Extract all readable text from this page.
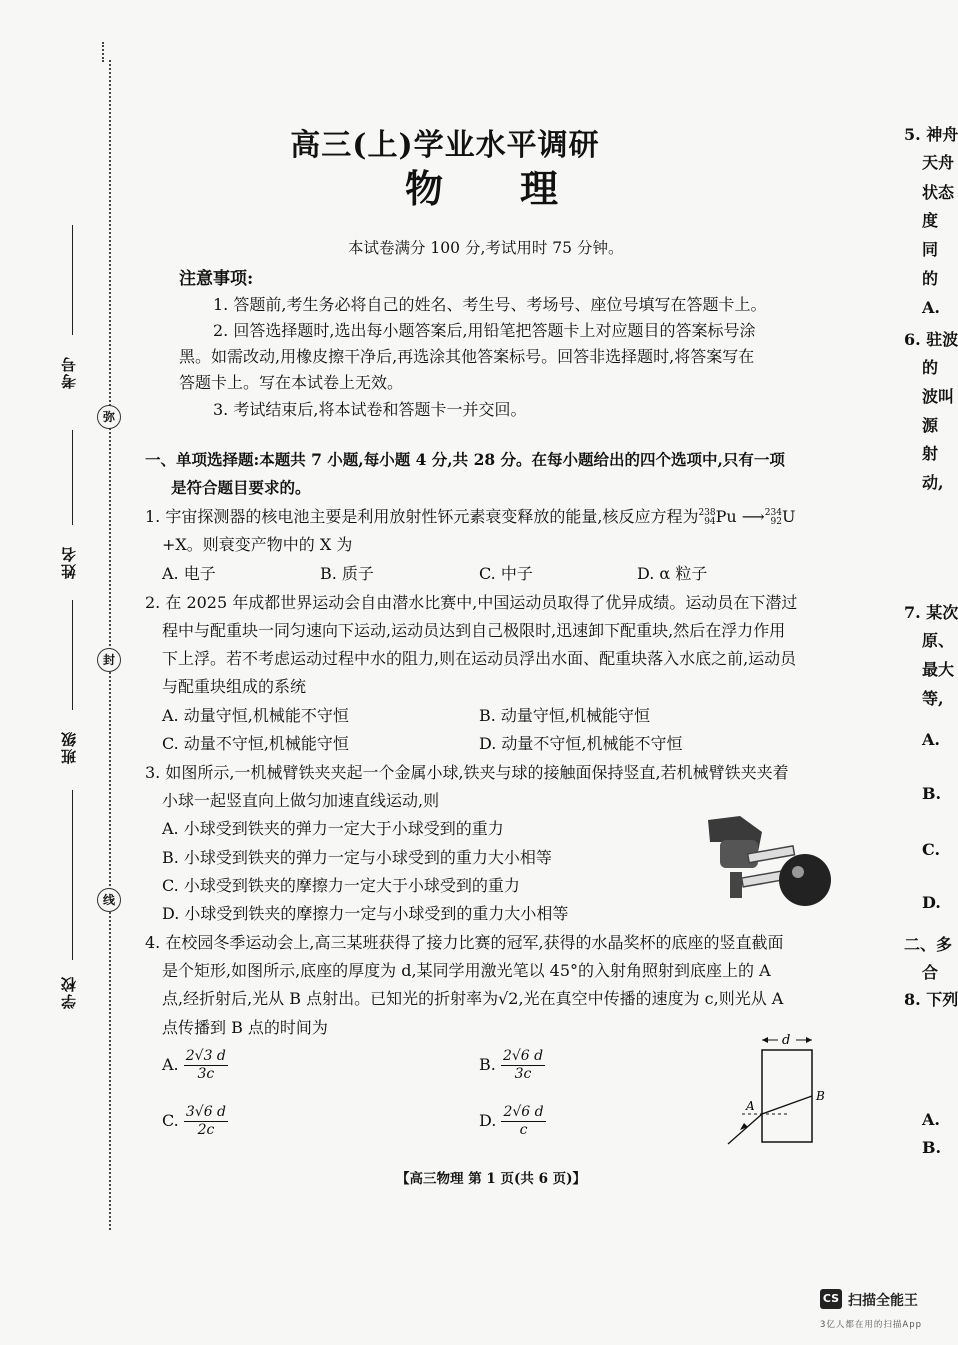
考号
姓名
班级
学校
弥
封
线
高三(上)学业水平调研
物 理
本试卷满分 100 分,考试用时 75 分钟。
注意事项:
1. 答题前,考生务必将自己的姓名、考生号、考场号、座位号填写在答题卡上。
2. 回答选择题时,选出每小题答案后,用铅笔把答题卡上对应题目的答案标号涂
黑。如需改动,用橡皮擦干净后,再选涂其他答案标号。回答非选择题时,将答案写在
答题卡上。写在本试卷上无效。
3. 考试结束后,将本试卷和答题卡一并交回。
一、单项选择题:本题共 7 小题,每小题 4 分,共 28 分。在每小题给出的四个选项中,只有一项
是符合题目要求的。
1. 宇宙探测器的核电池主要是利用放射性钚元素衰变释放的能量,核反应方程为 238
94 Pu ⟶ 234
92 U
+X。则衰变产物中的 X 为
A. 电子	B. 质子	C. 中子	D. α 粒子
2. 在 2025 年成都世界运动会自由潜水比赛中,中国运动员取得了优异成绩。运动员在下潜过
程中与配重块一同匀速向下运动,运动员达到自己极限时,迅速卸下配重块,然后在浮力作用
下上浮。若不考虑运动过程中水的阻力,则在运动员浮出水面、配重块落入水底之前,运动员
与配重块组成的系统
A. 动量守恒,机械能不守恒	B. 动量守恒,机械能守恒
C. 动量不守恒,机械能守恒	D. 动量不守恒,机械能不守恒
3. 如图所示,一机械臂铁夹夹起一个金属小球,铁夹与球的接触面保持竖直,若机械臂铁夹夹着
小球一起竖直向上做匀加速直线运动,则
A. 小球受到铁夹的弹力一定大于小球受到的重力
B. 小球受到铁夹的弹力一定与小球受到的重力大小相等
C. 小球受到铁夹的摩擦力一定大于小球受到的重力
D. 小球受到铁夹的摩擦力一定与小球受到的重力大小相等
4. 在校园冬季运动会上,高三某班获得了接力比赛的冠军,获得的水晶奖杯的底座的竖直截面
是个矩形,如图所示,底座的厚度为 d,某同学用激光笔以 45°的入射角照射到底座上的 A
点,经折射后,光从 B 点射出。已知光的折射率为√2,光在真空中传播的速度为 c,则光从 A
点传播到 B 点的时间为
A. $\frac{2√3 d}{3c}$	B. $\frac{2√6 d}{3c}$
C. $\frac{3√6 d}{2c}$	D. $\frac{2√6 d}{c}$
d
A
B
【高三物理 第 1 页(共 6 页)】
5. 神舟
天舟
状态
度
同
的
A.
6. 驻波
的
波叫
源
射
动,
7. 某次
原、
最大
等,
A.
B.
C.
D.
二、多
合
8. 下列
A.
B.
CS 扫描全能王
3亿人都在用的扫描App
